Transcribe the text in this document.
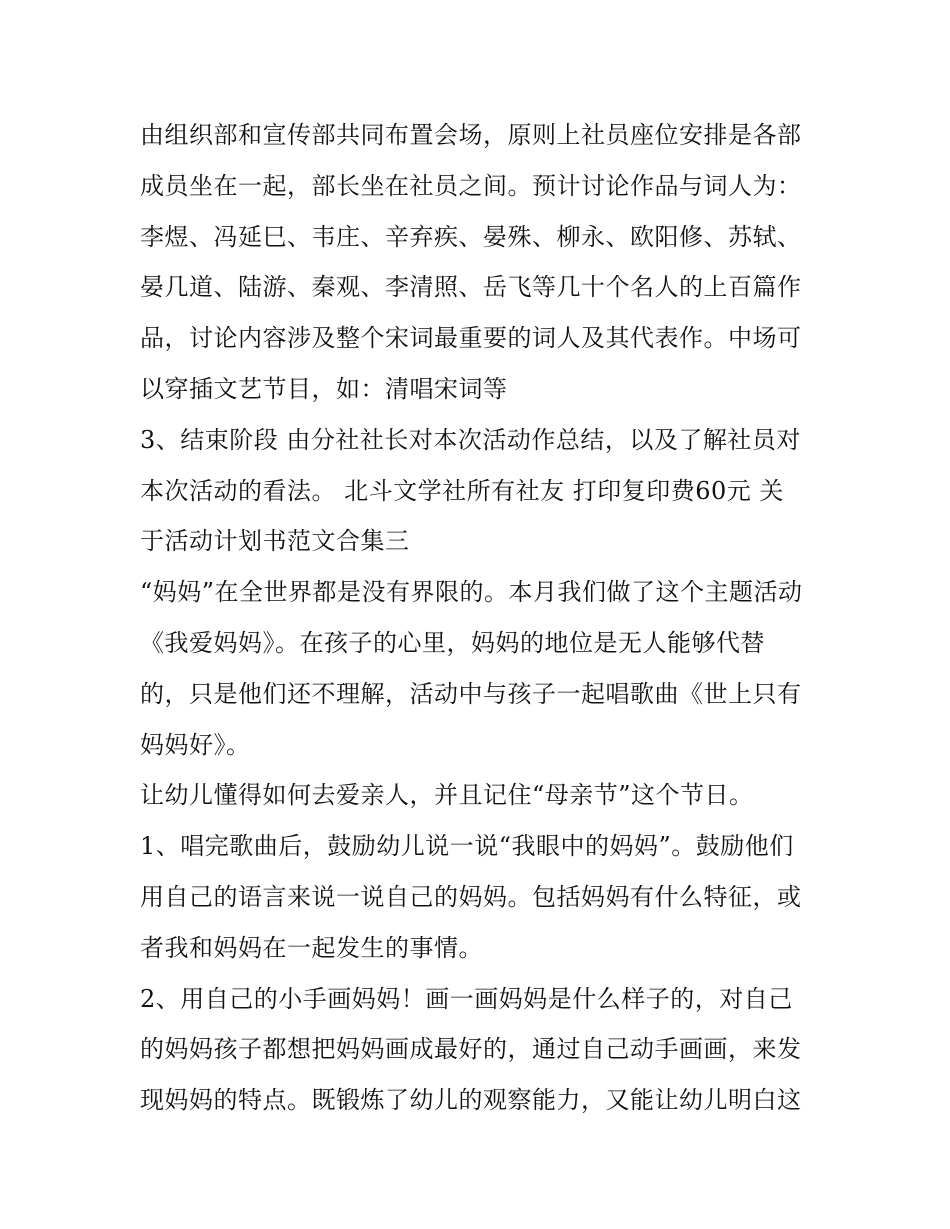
由组织部和宣传部共同布置会场，原则上社员座位安排是各部
成员坐在一起，部长坐在社员之间。预计讨论作品与词人为：
李煜、冯延巳、韦庄、辛弃疾、晏殊、柳永、欧阳修、苏轼、
晏几道、陆游、秦观、李清照、岳飞等几十个名人的上百篇作
品，讨论内容涉及整个宋词最重要的词人及其代表作。中场可
以穿插文艺节目，如：清唱宋词等
3、结束阶段 由分社社长对本次活动作总结，以及了解社员对
本次活动的看法。 北斗文学社所有社友 打印复印费60元 关
于活动计划书范文合集三
“妈妈”在全世界都是没有界限的。本月我们做了这个主题活动
《我爱妈妈》。在孩子的心里，妈妈的地位是无人能够代替
的，只是他们还不理解，活动中与孩子一起唱歌曲《世上只有
妈妈好》。
让幼儿懂得如何去爱亲人，并且记住“母亲节”这个节日。
1、唱完歌曲后，鼓励幼儿说一说“我眼中的妈妈”。鼓励他们
用自己的语言来说一说自己的妈妈。包括妈妈有什么特征，或
者我和妈妈在一起发生的事情。
2、用自己的小手画妈妈！画一画妈妈是什么样子的，对自己
的妈妈孩子都想把妈妈画成最好的，通过自己动手画画，来发
现妈妈的特点。既锻炼了幼儿的观察能力，又能让幼儿明白这
